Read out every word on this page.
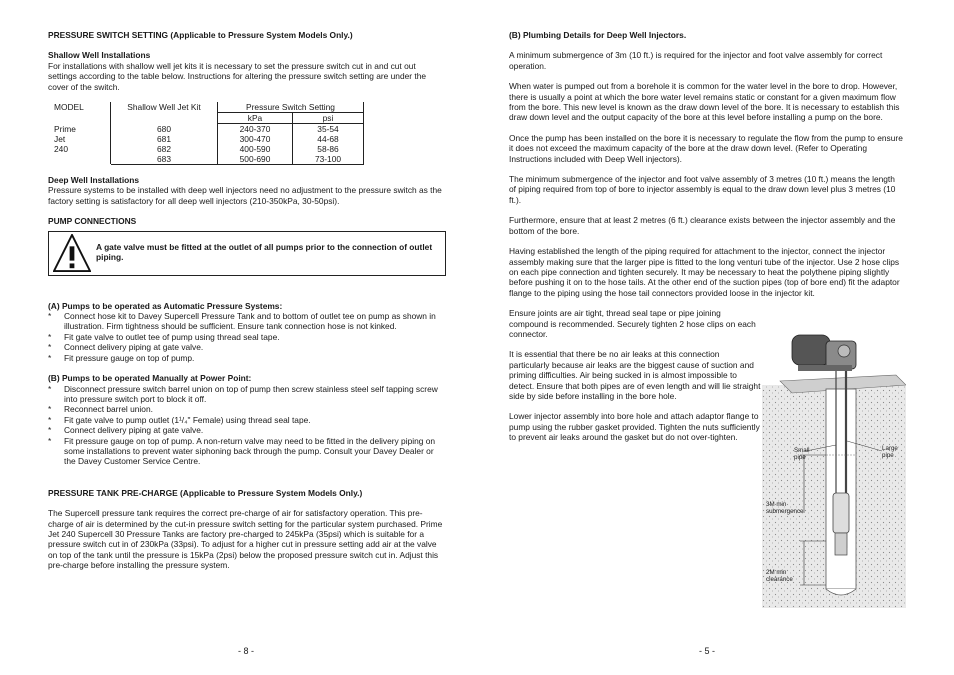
PRESSURE SWITCH SETTING (Applicable to Pressure System Models Only.)

Shallow Well Installations

For installations with shallow well jet kits it is necessary to set the pressure switch cut in and cut out settings according to the table below. Instructions for altering the pressure switch setting are under the cover of the switch.

MODEL	Shallow Well Jet Kit	Pressure Switch Setting	
		kPa	psi
Prime	680	240-370	35-54
Jet	681	300-470	44-68
240	682	400-590	58-86
	683	500-690	73-100

Deep Well Installations

Pressure systems to be installed with deep well injectors need no adjustment to the pressure switch as the factory setting is satisfactory for all deep well injectors (210-350kPa, 30-50psi).

PUMP CONNECTIONS

A gate valve must be fitted at the outlet of all pumps prior to the connection of outlet piping.

(A) Pumps to be operated as Automatic Pressure Systems:

* Connect hose kit to Davey Supercell Pressure Tank and to bottom of outlet tee on pump as shown in illustration. Firm tightness should be sufficient. Ensure tank connection hose is not kinked.
* Fit gate valve to outlet tee of pump using thread seal tape.
* Connect delivery piping at gate valve.
* Fit pressure gauge on top of pump.

(B) Pumps to be operated Manually at Power Point:

* Disconnect pressure switch barrel union on top of pump then screw stainless steel self tapping screw into pressure switch port to block it off.
* Reconnect barrel union.
* Fit gate valve to pump outlet (1¹/₄" Female) using thread seal tape.
* Connect delivery piping at gate valve.
* Fit pressure gauge on top of pump. A non-return valve may need to be fitted in the delivery piping on some installations to prevent water siphoning back through the pump. Consult your Davey Dealer or the Davey Customer Service Centre.

PRESSURE TANK PRE-CHARGE (Applicable to Pressure System Models Only.)

The Supercell pressure tank requires the correct pre-charge of air for satisfactory operation. This pre-charge of air is determined by the cut-in pressure switch setting for the particular system purchased. Prime Jet 240 Supercell 30 Pressure Tanks are factory pre-charged to 245kPa (35psi) which is suitable for a pressure switch cut in of 230kPa (33psi). To adjust for a higher cut in pressure setting add air at the valve on top of the tank until the pressure is 15kPa (2psi) below the proposed pressure switch cut in. Adjust this pre-charge before installing the pressure system.

- 8 -

(B) Plumbing Details for Deep Well Injectors.

A minimum submergence of 3m (10 ft.) is required for the injector and foot valve assembly for correct operation.

When water is pumped out from a borehole it is common for the water level in the bore to drop. However, there is usually a point at which the bore water level remains static or constant for a given maximum flow from the bore. This new level is known as the draw down level of the bore. It is necessary to establish this draw down level and the output capacity of the bore at this level before installing a pump on the bore.

Once the pump has been installed on the bore it is necessary to regulate the flow from the pump to ensure it does not exceed the maximum capacity of the bore at the draw down level. (Refer to Operating Instructions included with Deep Well injectors).

The minimum submergence of the injector and foot valve assembly of 3 metres (10 ft.) means the length of piping required from top of bore to injector assembly is equal to the draw down level plus 3 metres (10 ft.).

Furthermore, ensure that at least 2 metres (6 ft.) clearance exists between the injector assembly and the bottom of the bore.

Having established the length of the piping required for attachment to the injector, connect the injector assembly making sure that the larger pipe is fitted to the long venturi tube of the injector. Use 2 hose clips on each pipe connection and tighten securely. It may be necessary to heat the polythene piping slightly before pushing it on to the hose tails. At the other end of the suction pipes (top of bore end) fit the adaptor flange to the piping using the hose tail connectors provided loose in the injector kit.

Ensure joints are air tight, thread seal tape or pipe joining compound is recommended. Securely tighten 2 hose clips on each connector.

It is essential that there be no air leaks at this connection particularly because air leaks are the biggest cause of suction and priming difficulties. Air being sucked in is almost impossible to detect. Ensure that both pipes are of even length and will lie straight side by side before installing in the bore hole.

Lower injector assembly into bore hole and attach adaptor flange to pump using the rubber gasket provided. Tighten the nuts sufficiently to prevent air leaks around the gasket but do not over-tighten.

- 5 -
Small pipe
Large pipe
3M min submergence
2M min clearance
